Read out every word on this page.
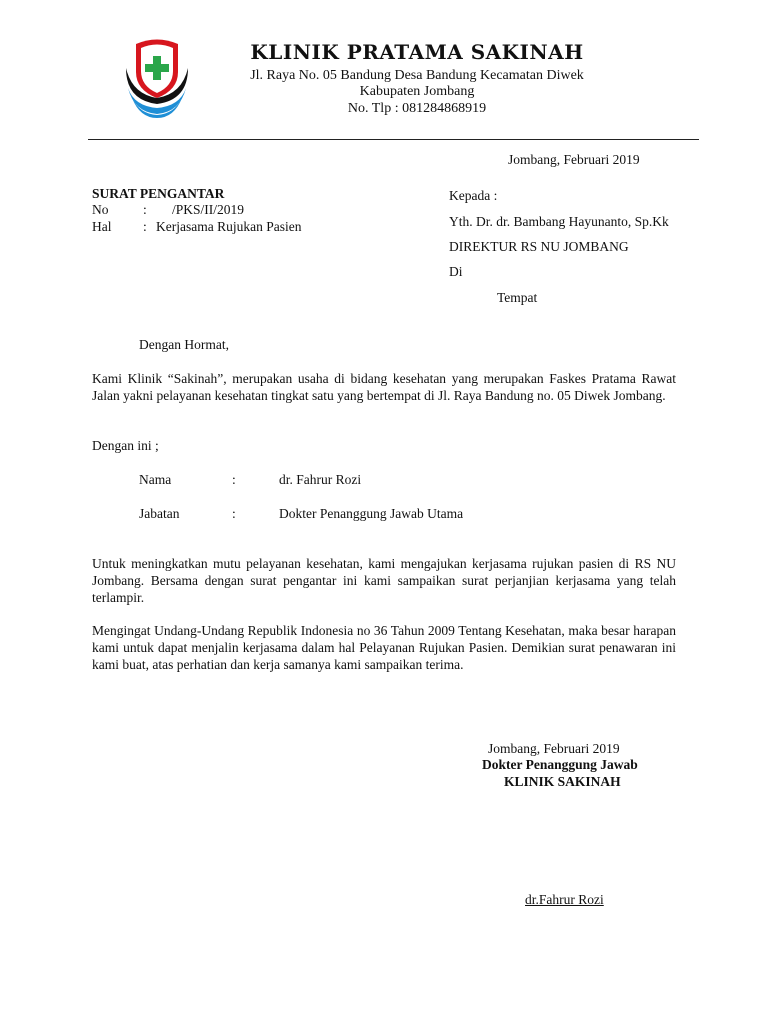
KLINIK PRATAMA SAKINAH
Jl. Raya No. 05 Bandung Desa Bandung Kecamatan Diwek
Kabupaten Jombang
No. Tlp : 081284868919
Jombang, Februari 2019
SURAT PENGANTAR
No	: /PKS/II/2019
Hal : Kerjasama Rujukan Pasien
Kepada :
Yth. Dr. dr. Bambang Hayunanto, Sp.Kk
DIREKTUR RS NU JOMBANG
Di
Tempat
Dengan Hormat,
Kami Klinik “Sakinah”, merupakan usaha di bidang kesehatan yang merupakan Faskes Pratama Rawat Jalan yakni pelayanan kesehatan tingkat satu yang bertempat di Jl. Raya Bandung no. 05 Diwek Jombang.
Dengan ini ;
Nama	:	dr. Fahrur Rozi
Jabatan	:	Dokter Penanggung Jawab Utama
Untuk meningkatkan mutu pelayanan kesehatan, kami mengajukan kerjasama rujukan pasien di RS NU Jombang. Bersama dengan surat pengantar ini kami sampaikan surat perjanjian kerjasama yang telah terlampir.
Mengingat Undang-Undang Republik Indonesia no 36 Tahun 2009 Tentang Kesehatan, maka besar harapan kami untuk dapat menjalin kerjasama dalam hal Pelayanan Rujukan Pasien. Demikian surat penawaran ini kami buat, atas perhatian dan kerja samanya kami sampaikan terima.
Jombang, Februari 2019
Dokter Penanggung Jawab
KLINIK SAKINAH
dr.Fahrur Rozi
